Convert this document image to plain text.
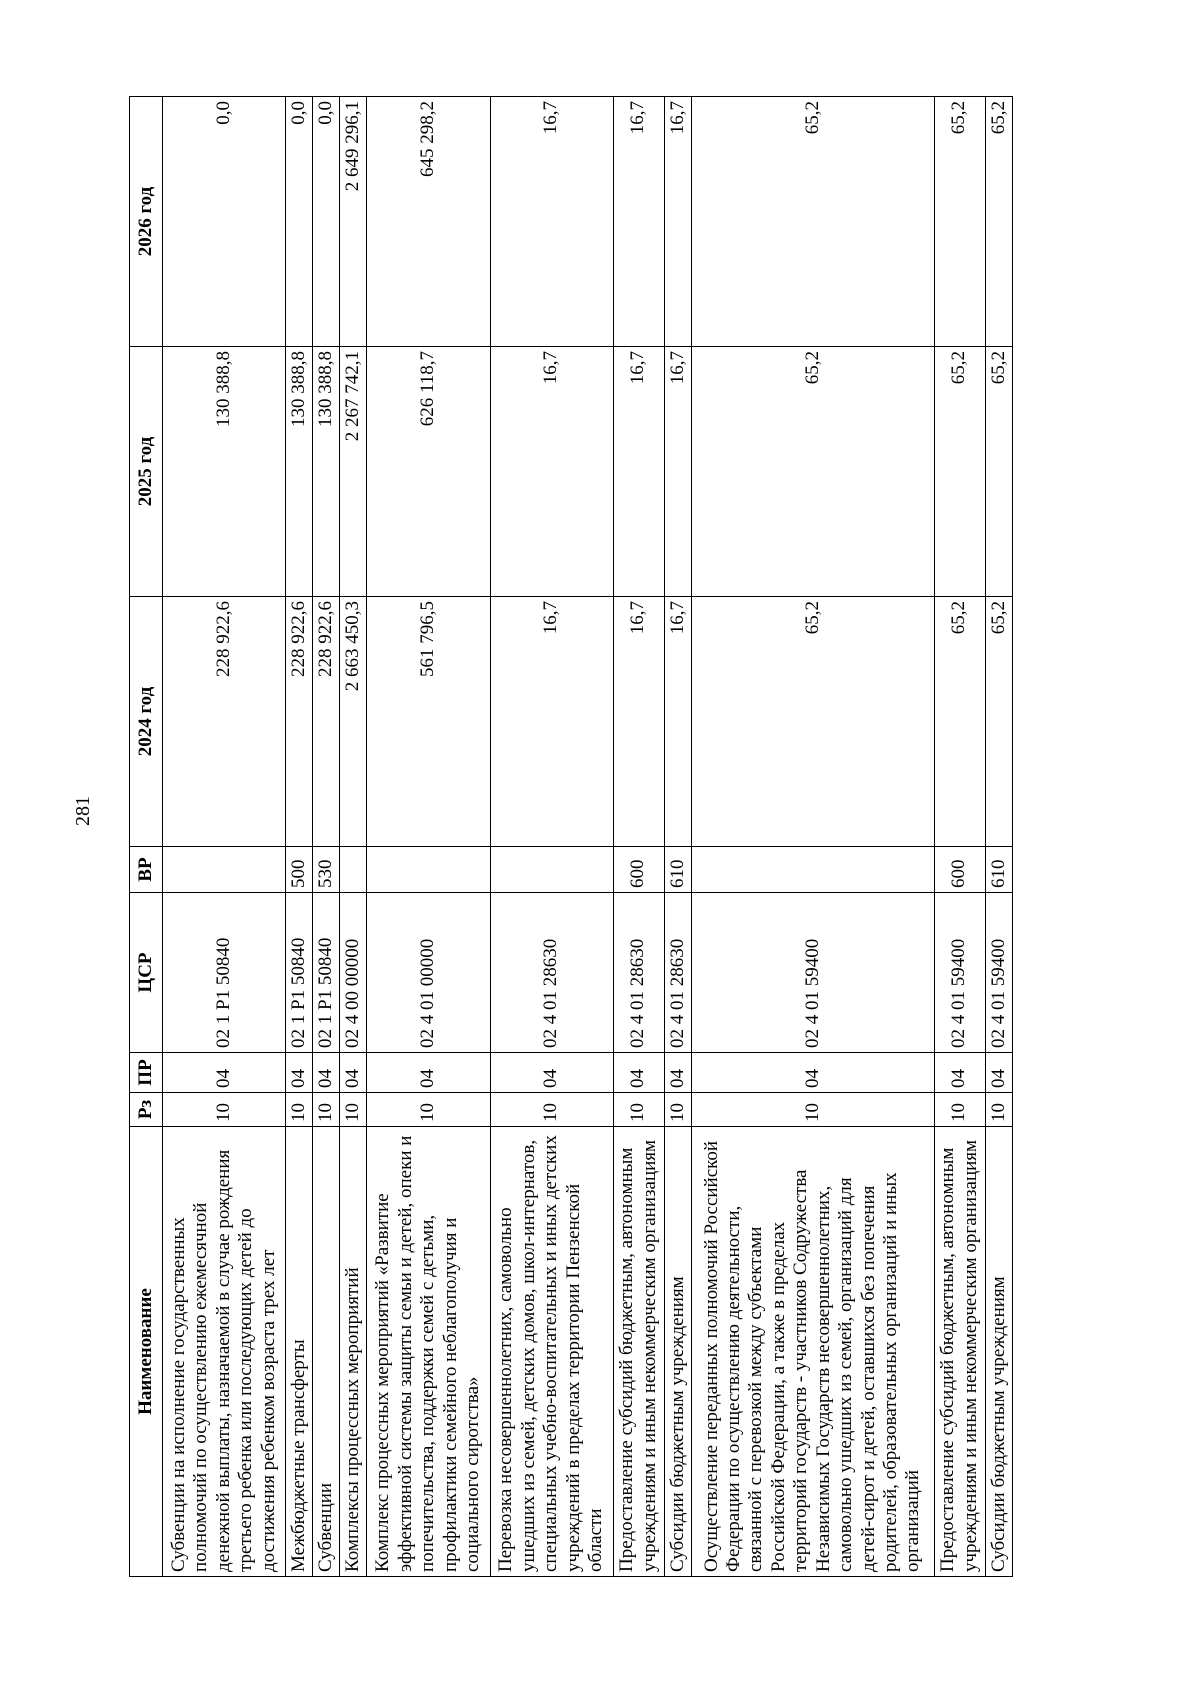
281
Наименование	Рз	ПР	ЦСР	ВР	2024 год	2025 год	2026 год
Субвенции на исполнение государственных полномочий по осуществлению ежемесячной денежной выплаты, назначаемой в случае рождения третьего ребенка или последующих детей до достижения ребенком возраста трех лет	10	04	02 1 P1 50840		228 922,6	130 388,8	0,0
Межбюджетные трансферты	10	04	02 1 P1 50840	500	228 922,6	130 388,8	0,0
Субвенции	10	04	02 1 P1 50840	530	228 922,6	130 388,8	0,0
Комплексы процессных мероприятий	10	04	02 4 00 00000		2 663 450,3	2 267 742,1	2 649 296,1
Комплекс процессных мероприятий «Развитие эффективной системы защиты семьи и детей, опеки и попечительства, поддержки семей с детьми, профилактики семейного неблагополучия и социального сиротства»	10	04	02 4 01 00000		561 796,5	626 118,7	645 298,2
Перевозка несовершеннолетних, самовольно ушедших из семей, детских домов, школ-интернатов, специальных учебно-воспитательных и иных детских учреждений в пределах территории Пензенской области	10	04	02 4 01 28630		16,7	16,7	16,7
Предоставление субсидий бюджетным, автономным учреждениям и иным некоммерческим организациям	10	04	02 4 01 28630	600	16,7	16,7	16,7
Субсидии бюджетным учреждениям	10	04	02 4 01 28630	610	16,7	16,7	16,7
Осуществление переданных полномочий Российской Федерации по осуществлению деятельности, связанной с перевозкой между субъектами Российской Федерации, а также в пределах территорий государств - участников Содружества Независимых Государств несовершеннолетних, самовольно ушедших из семей, организаций для детей-сирот и детей, оставшихся без попечения родителей, образовательных организаций и иных организаций	10	04	02 4 01 59400		65,2	65,2	65,2
Предоставление субсидий бюджетным, автономным учреждениям и иным некоммерческим организациям	10	04	02 4 01 59400	600	65,2	65,2	65,2
Субсидии бюджетным учреждениям	10	04	02 4 01 59400	610	65,2	65,2	65,2
